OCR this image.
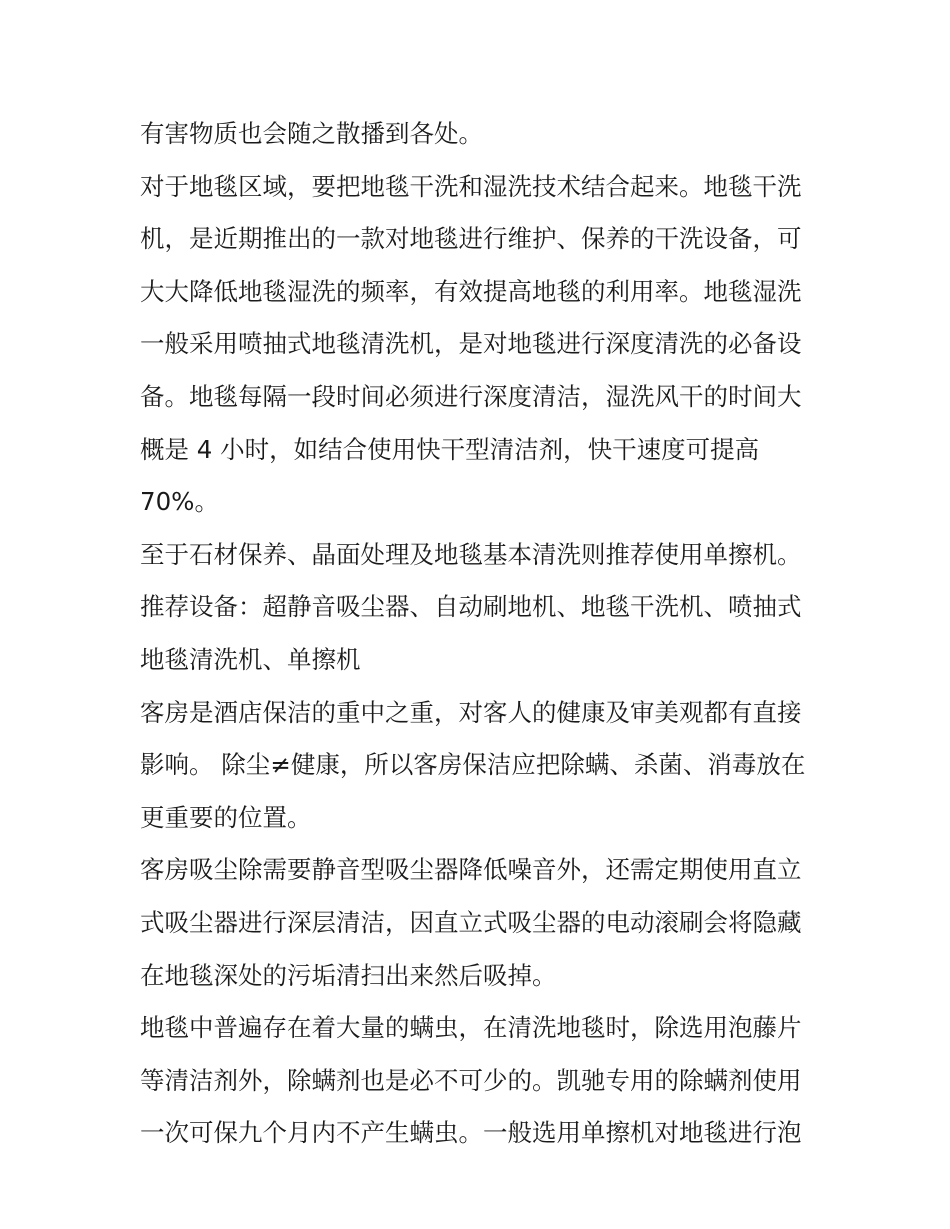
有害物质也会随之散播到各处。
对于地毯区域，要把地毯干洗和湿洗技术结合起来。地毯干洗
机，是近期推出的一款对地毯进行维护、保养的干洗设备，可
大大降低地毯湿洗的频率，有效提高地毯的利用率。地毯湿洗
一般采用喷抽式地毯清洗机，是对地毯进行深度清洗的必备设
备。地毯每隔一段时间必须进行深度清洁，湿洗风干的时间大
概是 4 小时，如结合使用快干型清洁剂，快干速度可提高
70%。
至于石材保养、晶面处理及地毯基本清洗则推荐使用单擦机。
推荐设备：超静音吸尘器、自动刷地机、地毯干洗机、喷抽式
地毯清洗机、单擦机
客房是酒店保洁的重中之重，对客人的健康及审美观都有直接
影响。 除尘≠健康，所以客房保洁应把除螨、杀菌、消毒放在
更重要的位置。
客房吸尘除需要静音型吸尘器降低噪音外，还需定期使用直立
式吸尘器进行深层清洁，因直立式吸尘器的电动滚刷会将隐藏
在地毯深处的污垢清扫出来然后吸掉。
地毯中普遍存在着大量的螨虫，在清洗地毯时，除选用泡藤片
等清洁剂外，除螨剂也是必不可少的。凯驰专用的除螨剂使用
一次可保九个月内不产生螨虫。一般选用单擦机对地毯进行泡
